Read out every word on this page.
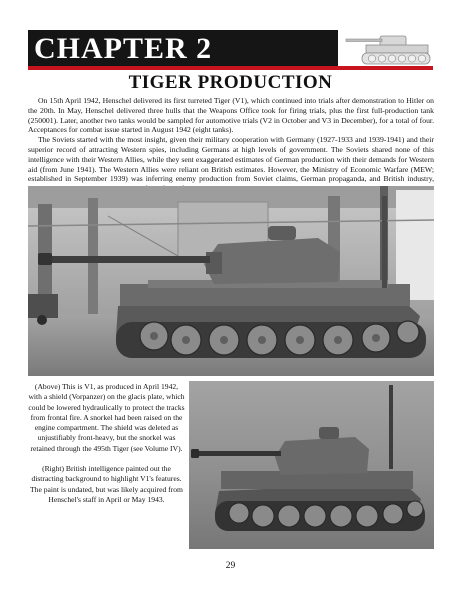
CHAPTER 2
TIGER PRODUCTION

On 15th April 1942, Henschel delivered its first turreted Tiger (V1), which continued into trials after demonstration to Hitler on the 20th. In May, Henschel delivered three hulls that the Weapons Office took for firing trials, plus the first full-production tank (250001). Later, another two tanks would be sampled for automotive trials (V2 in October and V3 in December), for a total of four. Acceptances for combat issue started in August 1942 (eight tanks).

The Soviets started with the most insight, given their military cooperation with Germany (1927-1933 and 1939-1941) and their superior record of attracting Western spies, including Germans at high levels of government. The Soviets shared none of this intelligence with their Western Allies, while they sent exaggerated estimates of German production with their demands for Western aid (from June 1941). The Western Allies were reliant on British estimates. However, the Ministry of Economic Warfare (MEW; established in September 1939) was inferring enemy production from Soviet claims, German propaganda, and British industry,

(Above) This is V1, as produced in April 1942, with a shield (Vorpanzer) on the glacis plate, which could be lowered hydraulically to protect the tracks from frontal fire. A snorkel had been raised on the engine compartment. The shield was deleted as unjustifiably front-heavy, but the snorkel was retained through the 495th Tiger (see Volume IV).

(Right) British intelligence painted out the distracting background to highlight V1's features. The paint is undated, but was likely acquired from Henschel's staff in April or May 1943.

29
